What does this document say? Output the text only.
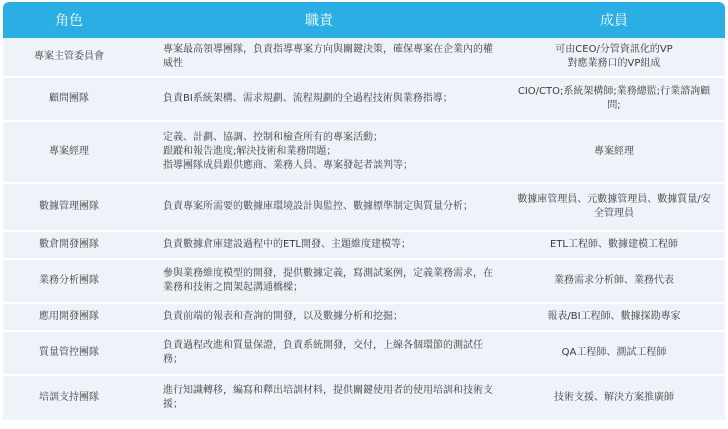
角色	職責	成員
專案主管委員會	專案最高領導團隊，負責指導專案方向與關鍵決策，確保專案在企業內的權威性	可由CEO/分管資訊化的VP
對應業務口的VP組成

顧問團隊	負責BI系統架構、需求規劃、流程規劃的全過程技術與業務指導；	CIO/CTO;系統架構師;業務總監;行業諮詢顧問;

專案經理	定義、計劃、協調、控制和檢查所有的專案活動；
跟蹤和報告進度;解決技術和業務問題；
指導團隊成員跟供應商、業務人員、專案發起者談判等；	專案經理

數據管理團隊	負責專案所需要的數據庫環境設計與監控、數據標準制定與質量分析；	數據庫管理員、元數據管理員、數據質量/安全管理員

數倉開發團隊	負責數據倉庫建設過程中的ETL開發、主題維度建模等；	ETL工程師、數據建模工程師

業務分析團隊	參與業務維度模型的開發，提供數據定義，寫測試案例，定義業務需求，在業務和技術之間架起溝通橋樑；	業務需求分析師、業務代表

應用開發團隊	負責前端的報表和查詢的開發，以及數據分析和挖掘；	報表/BI工程師、數據探勘專家

質量管控團隊	負責過程改進和質量保證，負責系統開發，交付，上線各個環節的測試任務；	QA工程師、測試工程師

培訓支持團隊	進行知識轉移，編寫和釋出培訓材料，提供關鍵使用者的使用培訓和技術支援；	技術支援、解決方案推廣師
